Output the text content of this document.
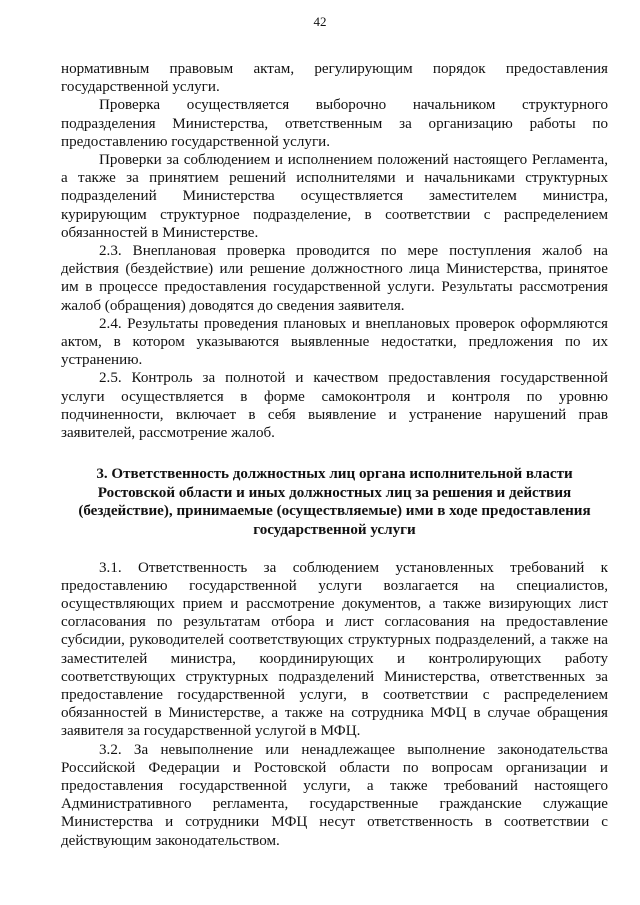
42

нормативным правовым актам, регулирующим порядок предоставления государственной услуги.

Проверка осуществляется выборочно начальником структурного подразделения Министерства, ответственным за организацию работы по предоставлению государственной услуги.

Проверки за соблюдением и исполнением положений настоящего Регламента, а также за принятием решений исполнителями и начальниками структурных подразделений Министерства осуществляется заместителем министра, курирующим структурное подразделение, в соответствии с распределением обязанностей в Министерстве.

2.3. Внеплановая проверка проводится по мере поступления жалоб на действия (бездействие) или решение должностного лица Министерства, принятое им в процессе предоставления государственной услуги. Результаты рассмотрения жалоб (обращения) доводятся до сведения заявителя.

2.4. Результаты проведения плановых и внеплановых проверок оформляются актом, в котором указываются выявленные недостатки, предложения по их устранению.

2.5. Контроль за полнотой и качеством предоставления государственной услуги осуществляется в форме самоконтроля и контроля по уровню подчиненности, включает в себя выявление и устранение нарушений прав заявителей, рассмотрение жалоб.

3. Ответственность должностных лиц органа исполнительной власти
Ростовской области и иных должностных лиц за решения и действия
(бездействие), принимаемые (осуществляемые) ими в ходе предоставления
государственной услуги

3.1. Ответственность за соблюдением установленных требований к предоставлению государственной услуги возлагается на специалистов, осуществляющих прием и рассмотрение документов, а также визирующих лист согласования по результатам отбора и лист согласования на предоставление субсидии, руководителей соответствующих структурных подразделений, а также на заместителей министра, координирующих и контролирующих работу соответствующих структурных подразделений Министерства, ответственных за предоставление государственной услуги, в соответствии с распределением обязанностей в Министерстве, а также на сотрудника МФЦ в случае обращения заявителя за государственной услугой в МФЦ.

3.2. За невыполнение или ненадлежащее выполнение законодательства Российской Федерации и Ростовской области по вопросам организации и предоставления государственной услуги, а также требований настоящего Административного регламента, государственные гражданские служащие Министерства и сотрудники МФЦ несут ответственность в соответствии с действующим законодательством.
